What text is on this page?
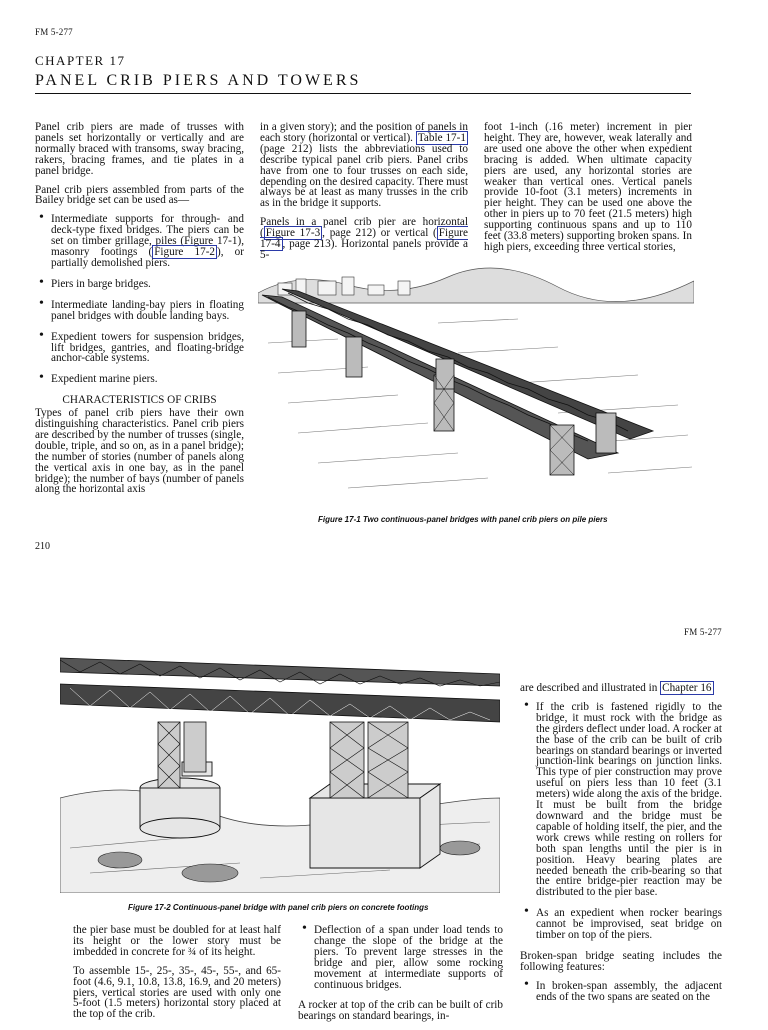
FM 5-277
CHAPTER 17
PANEL CRIB PIERS AND TOWERS

Panel crib piers are made of trusses with panels set horizontally or vertically and are normally braced with transoms, sway bracing, rakers, bracing frames, and tie plates in a panel bridge.

Panel crib piers assembled from parts of the Bailey bridge set can be used as—

• Intermediate supports for through- and deck-type fixed bridges. The piers can be set on timber grillage, piles (Figure 17-1), masonry footings ( Figure 17-2 ), or partially demolished piers.
• Piers in barge bridges.
• Intermediate landing-bay piers in floating panel bridges with double landing bays.
• Expedient towers for suspension bridges, lift bridges, gantries, and floating-bridge anchor-cable systems.
• Expedient marine piers.
CHARACTERISTICS OF CRIBS

Types of panel crib piers have their own distinguishing characteristics. Panel crib piers are described by the number of trusses (single, double, triple, and so on, as in a panel bridge); the number of stories (number of panels along the vertical axis in one bay, as in the panel bridge); the number of bays (number of panels along the horizontal axis

in a given story); and the position of panels in each story (horizontal or vertical). Table 17-1 (page 212) lists the abbreviations used to describe typical panel crib piers. Panel cribs have from one to four trusses on each side, depending on the desired capacity. There must always be at least as many trusses in the crib as in the bridge it supports.

Panels in a panel crib pier are horizontal ( Figure 17-3 , page 212) or vertical ( Figure 17-4 , page 213). Horizontal panels provide a 5-

foot 1-inch (.16 meter) increment in pier height. They are, however, weak laterally and are used one above the other when expedient bracing is added. When ultimate capacity piers are used, any horizontal stories are weaker than vertical ones. Vertical panels provide 10-foot (3.1 meters) increments in pier height. They can be used one above the other in piers up to 70 feet (21.5 meters) high supporting continuous spans and up to 110 feet (33.8 meters) supporting broken spans. In high piers, exceeding three vertical stories,

Figure 17-1 Two continuous-panel bridges with panel crib piers on pile piers
210
FM 5-277
Figure 17-2 Continuous-panel bridge with panel crib piers on concrete footings

the pier base must be doubled for at least half its height or the lower story must be imbedded in concrete for ¾ of its height.

To assemble 15-, 25-, 35-, 45-, 55-, and 65-foot (4.6, 9.1, 10.8, 13.8, 16.9, and 20 meters) piers, vertical stories are used with only one 5-foot (1.5 meters) horizontal story placed at the top of the crib.

• Deflection of a span under load tends to change the slope of the bridge at the piers. To prevent large stresses in the bridge and pier, allow some rocking movement at intermediate supports of continuous bridges.

A rocker at top of the crib can be built of crib bearings on standard bearings, in-

are described and illustrated in Chapter 16

• If the crib is fastened rigidly to the bridge, it must rock with the bridge as the girders deflect under load. A rocker at the base of the crib can be built of crib bearings on standard bearings or inverted junction-link bearings on junction links. This type of pier construction may prove useful on piers less than 10 feet (3.1 meters) wide along the axis of the bridge. It must be built from the bridge downward and the bridge must be capable of holding itself, the pier, and the work crews while resting on rollers for both span lengths until the pier is in position. Heavy bearing plates are needed beneath the crib-bearing so that the entire bridge-pier reaction may be distributed to the pier base.
• As an expedient when rocker bearings cannot be improvised, seat bridge on timber on top of the piers.

Broken-span bridge seating includes the following features:

• In broken-span assembly, the adjacent ends of the two spans are seated on the
